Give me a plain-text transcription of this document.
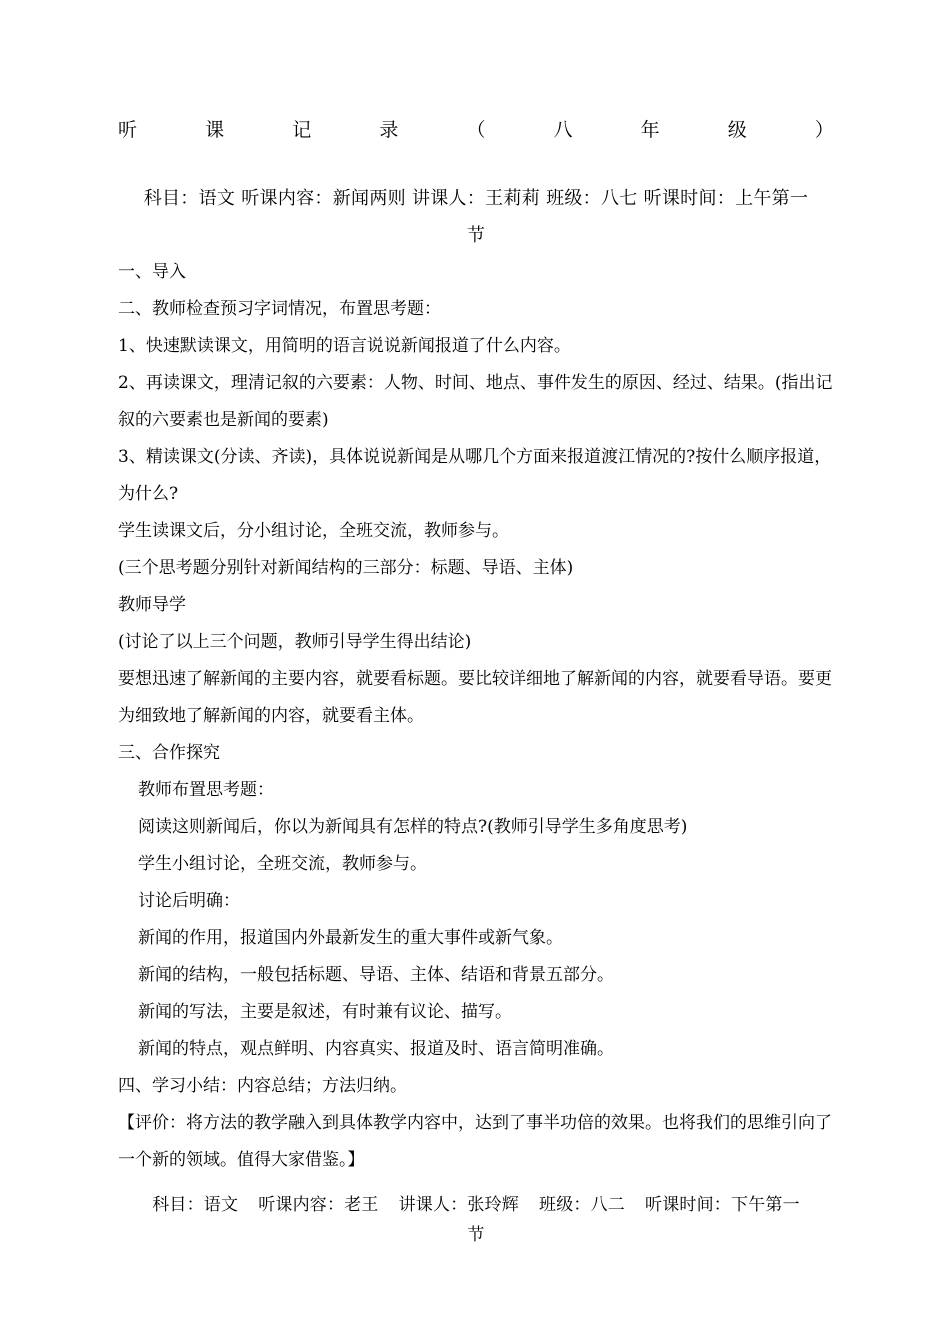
听	课	记	录	（	八	年	级	）
科目：语文 听课内容：新闻两则 讲课人：王莉莉 班级：八七 听课时间：上午第一
节

一、导入

二、教师检查预习字词情况，布置思考题：

1、快速默读课文，用简明的语言说说新闻报道了什么内容。

2、再读课文，理清记叙的六要素：人物、时间、地点、事件发生的原因、经过、结果。(指出记叙的六要素也是新闻的要素)

3、精读课文(分读、齐读)，具体说说新闻是从哪几个方面来报道渡江情况的?按什么顺序报道，为什么?

学生读课文后，分小组讨论，全班交流，教师参与。

(三个思考题分别针对新闻结构的三部分：标题、导语、主体)

教师导学

(讨论了以上三个问题，教师引导学生得出结论)

要想迅速了解新闻的主要内容，就要看标题。要比较详细地了解新闻的内容，就要看导语。要更为细致地了解新闻的内容，就要看主体。

三、合作探究

教师布置思考题：

阅读这则新闻后，你以为新闻具有怎样的特点?(教师引导学生多角度思考)

学生小组讨论，全班交流，教师参与。

讨论后明确：

新闻的作用，报道国内外最新发生的重大事件或新气象。

新闻的结构，一般包括标题、导语、主体、结语和背景五部分。

新闻的写法，主要是叙述，有时兼有议论、描写。

新闻的特点，观点鲜明、内容真实、报道及时、语言简明准确。

四、学习小结：内容总结；方法归纳。

【评价：将方法的教学融入到具体教学内容中，达到了事半功倍的效果。也将我们的思维引向了一个新的领域。值得大家借鉴。】

科目：语文 听课内容：老王 讲课人：张玲辉 班级：八二 听课时间：下午第一
节
